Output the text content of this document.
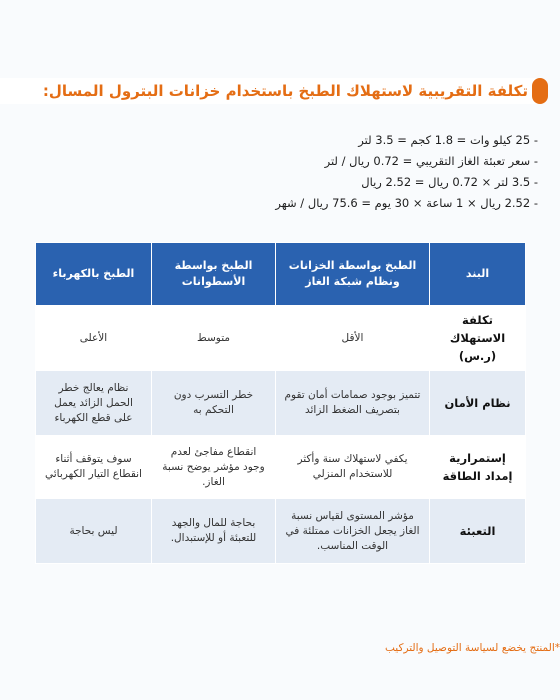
تكلفة التقريبية لاستهلاك الطبخ باستخدام خزانات البترول المسال:
- 25 كيلو وات = 1.8 كجم = 3.5 لتر
- سعر تعبئة الغاز التقريبي = 0.72 ريال / لتر
- 3.5 لتر × 0.72 ريال = 2.52 ريال
- 2.52 ريال × 1 ساعة × 30 يوم = 75.6 ريال / شهر
البند	الطبخ بواسطة الخزانات ونظام شبكة الغاز	الطبخ بواسطة الأسطوانات	الطبخ بالكهرباء
تكلفة الاستهلاك (ر.س)	الأقل	متوسط	الأعلى
نظام الأمان	تتميز بوجود صمامات أمان تقوم بتصريف الضغط الزائد	خطر التسرب دون التحكم به	نظام يعالج خطر الحمل الزائد يعمل على قطع الكهرباء
إستمرارية إمداد الطاقة	يكفي لاستهلاك سنة وأكثر للاستخدام المنزلي	انقطاع مفاجئ لعدم وجود مؤشر يوضح نسبة الغاز.	سوف يتوقف أثناء انقطاع التيار الكهربائي
التعبئة	مؤشر المستوى لقياس نسبة الغاز يجعل الخزانات ممتلئة في الوقت المناسب.	بحاجة للمال والجهد للتعبئة أو للإستبدال.	ليس بحاجة
*المنتج يخضع لسياسة التوصيل والتركيب
